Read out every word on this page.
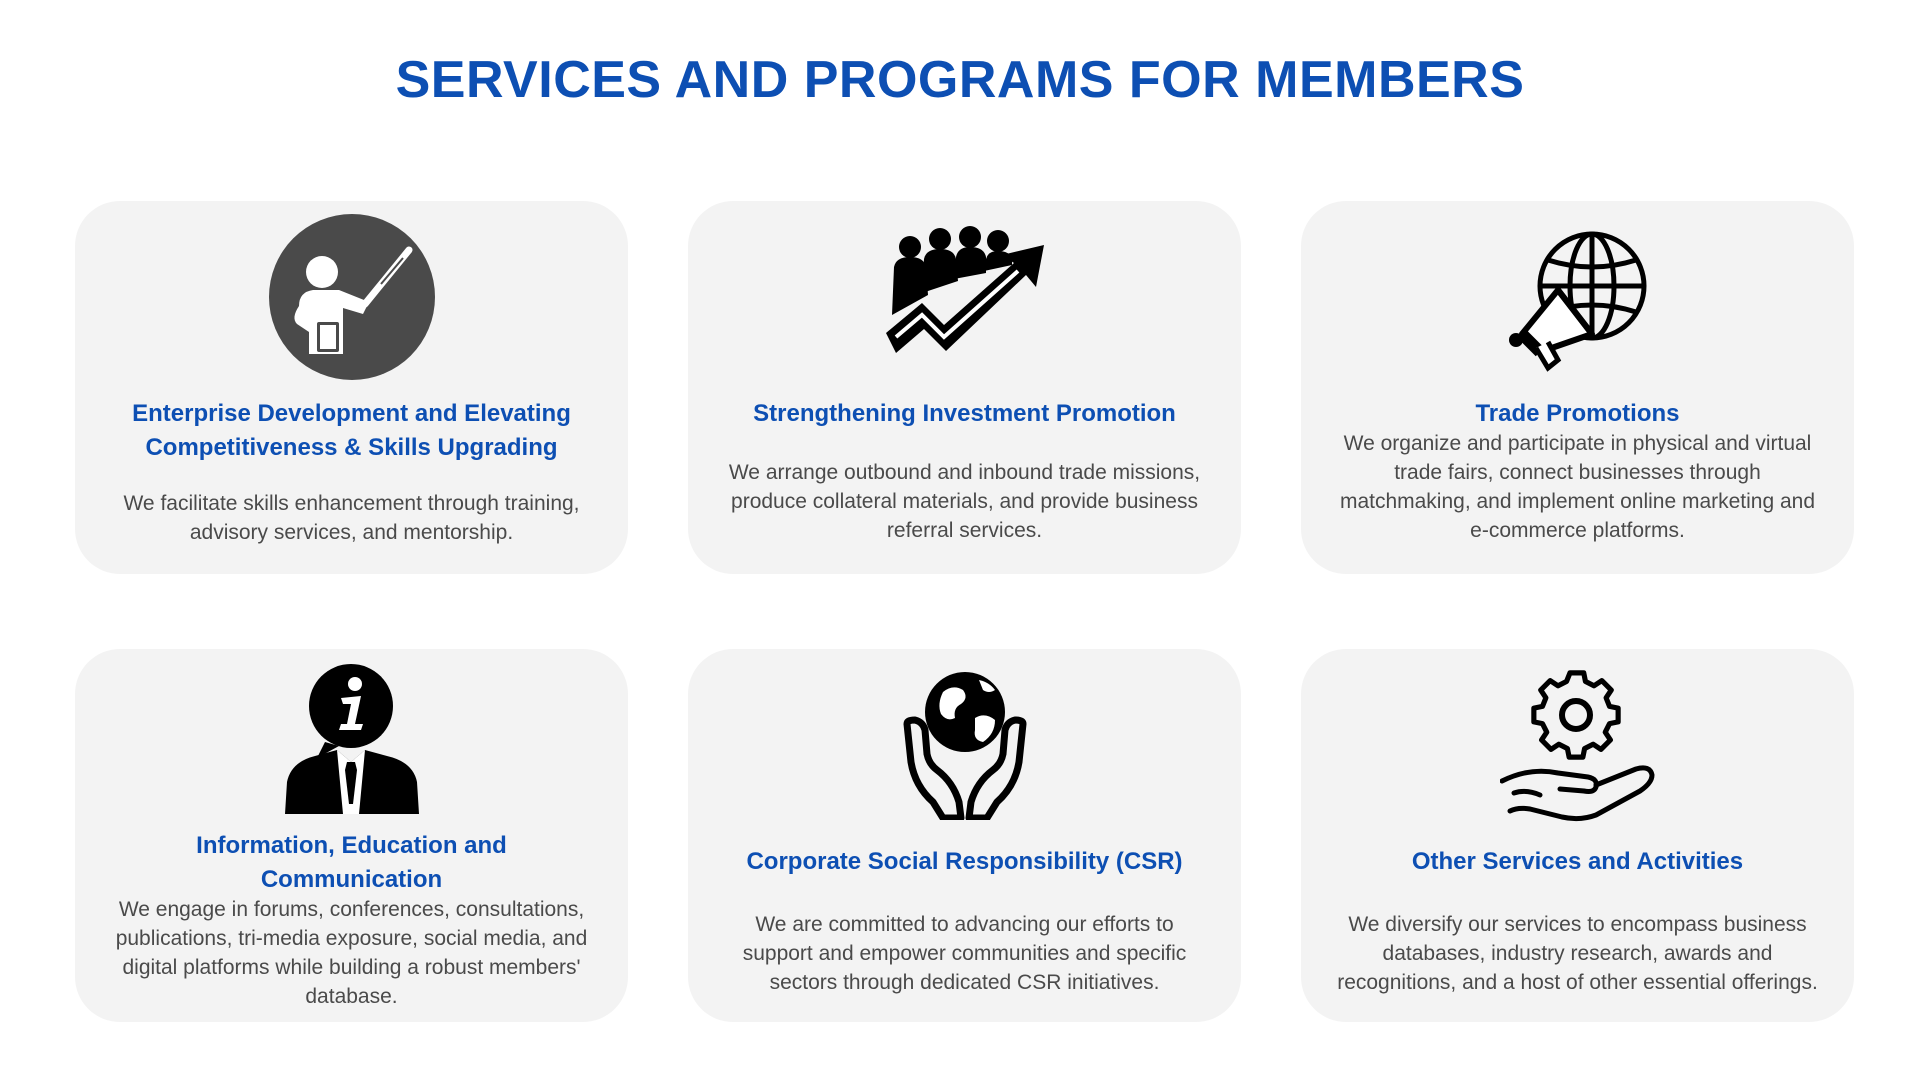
SERVICES AND PROGRAMS FOR MEMBERS

Enterprise Development and Elevating Competitiveness & Skills Upgrading

We facilitate skills enhancement through training, advisory services, and mentorship.

Strengthening Investment Promotion

We arrange outbound and inbound trade missions, produce collateral materials, and provide business referral services.

Trade Promotions

We organize and participate in physical and virtual trade fairs, connect businesses through matchmaking, and implement online marketing and e-commerce platforms.

Information, Education and Communication

We engage in forums, conferences, consultations, publications, tri-media exposure, social media, and digital platforms while building a robust members' database.

Corporate Social Responsibility (CSR)

We are committed to advancing our efforts to support and empower communities and specific sectors through dedicated CSR initiatives.

Other Services and Activities

We diversify our services to encompass business databases, industry research, awards and recognitions, and a host of other essential offerings.
